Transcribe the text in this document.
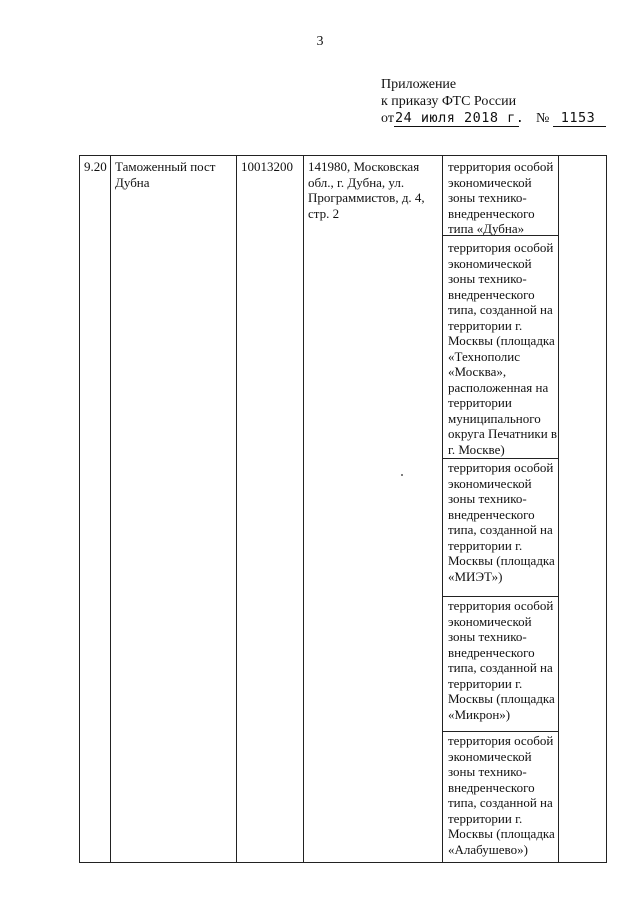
3
Приложение
к приказу ФТС России
от24 июля 2018 г. № 1153
9.20 Таможенный пост Дубна
10013200	141980, Московская обл., г. Дубна, ул. Программистов, д. 4, стр. 2
территория особой экономической зоны технико-внедренческого типа «Дубна»
территория особой экономической зоны технико-внедренческого типа, созданной на территории г. Москвы (площадка «Технополис «Москва», расположенная на территории муниципального округа Печатники в г. Москве)
территория особой экономической зоны технико-внедренческого типа, созданной на территории г. Москвы (площадка «МИЭТ»)
территория особой экономической зоны технико-внедренческого типа, созданной на территории г. Москвы (площадка «Микрон»)
территория особой экономической зоны технико-внедренческого типа, созданной на территории г. Москвы (площадка «Алабушево»)
